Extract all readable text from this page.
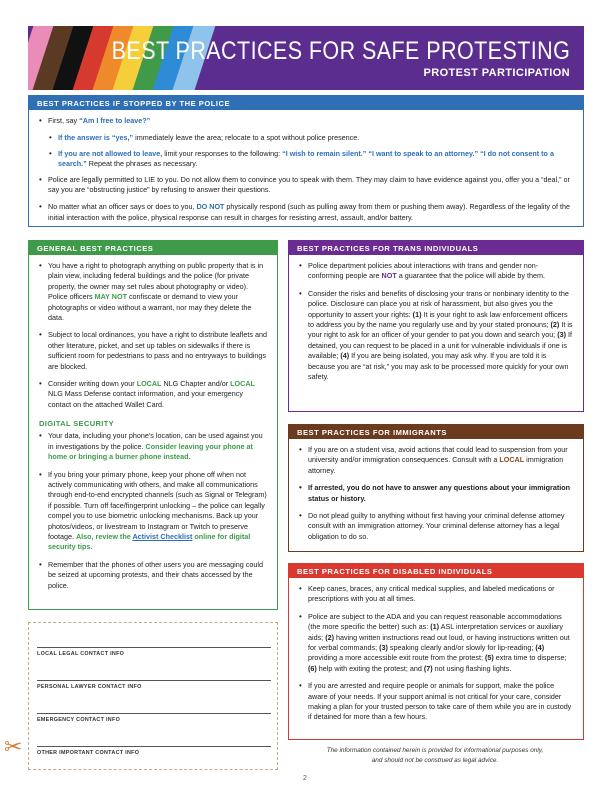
BEST PRACTICES FOR SAFE PROTESTING
PROTEST PARTICIPATION
BEST PRACTICES IF STOPPED BY THE POLICE
• First, say “Am I free to leave?”
• If the answer is “yes,” immediately leave the area; relocate to a spot without police presence.
• If you are not allowed to leave, limit your responses to the following: “I wish to remain silent.” “I want to speak to an attorney.” “I do not consent to a search.” Repeat the phrases as necessary.
• Police are legally permitted to LIE to you. Do not allow them to convince you to speak with them. They may claim to have evidence against you, offer you a “deal,” or say you are “obstructing justice” by refusing to answer their questions.
• No matter what an officer says or does to you, DO NOT physically respond (such as pulling away from them or pushing them away). Regardless of the legality of the initial interaction with the police, physical response can result in charges for resisting arrest, assault, and/or battery.
GENERAL BEST PRACTICES
• You have a right to photograph anything on public property that is in plain view, including federal buildings and the police (for private property, the owner may set rules about photography or video). Police officers MAY NOT confiscate or demand to view your photographs or video without a warrant, nor may they delete the data.
• Subject to local ordinances, you have a right to distribute leaflets and other literature, picket, and set up tables on sidewalks if there is sufficient room for pedestrians to pass and no entryways to buildings are blocked.
• Consider writing down your LOCAL NLG Chapter and/or LOCAL NLG Mass Defense contact information, and your emergency contact on the attached Wallet Card.
DIGITAL SECURITY
• Your data, including your phone’s location, can be used against you in investigations by the police. Consider leaving your phone at home or bringing a burner phone instead.
• If you bring your primary phone, keep your phone off when not actively communicating with others, and make all communications through end-to-end encrypted channels (such as Signal or Telegram) if possible. Turn off face/fingerprint unlocking – the police can legally compel you to use biometric unlocking mechanisms. Back up your photos/videos, or livestream to Instagram or Twitch to preserve footage. Also, review the Activist Checklist online for digital security tips.
• Remember that the phones of other users you are messaging could be seized at upcoming protests, and their chats accessed by the police.
BEST PRACTICES FOR TRANS INDIVIDUALS
• Police department policies about interactions with trans and gender non-conforming people are NOT a guarantee that the police will abide by them.
• Consider the risks and benefits of disclosing your trans or nonbinary identity to the police. Disclosure can place you at risk of harassment, but also gives you the opportunity to assert your rights: (1) It is your right to ask law enforcement officers to address you by the name you regularly use and by your stated pronouns; (2) It is your right to ask for an officer of your gender to pat you down and search you; (3) If detained, you can request to be placed in a unit for vulnerable individuals if one is available; (4) If you are being isolated, you may ask why. If you are told it is because you are “at risk,” you may ask to be processed more quickly for your own safety.
BEST PRACTICES FOR IMMIGRANTS
• If you are on a student visa, avoid actions that could lead to suspension from your university and/or immigration consequences. Consult with a LOCAL immigration attorney.
• If arrested, you do not have to answer any questions about your immigration status or history.
• Do not plead guilty to anything without first having your criminal defense attorney consult with an immigration attorney. Your criminal defense attorney has a legal obligation to do so.
BEST PRACTICES FOR DISABLED INDIVIDUALS
• Keep canes, braces, any critical medical supplies, and labeled medications or prescriptions with you at all times.
• Police are subject to the ADA and you can request reasonable accommodations (the more specific the better) such as: (1) ASL interpretation services or auxiliary aids; (2) having written instructions read out loud, or having instructions written out for verbal commands; (3) speaking clearly and/or slowly for lip-reading; (4) providing a more accessible exit route from the protest; (5) extra time to disperse; (6) help with exiting the protest; and (7) not using flashing lights.
• If you are arrested and require people or animals for support, make the police aware of your needs. If your support animal is not critical for your care, consider making a plan for your trusted person to take care of them while you are in custody if detained for more than a few hours.
LOCAL LEGAL CONTACT INFO
PERSONAL LAWYER CONTACT INFO
EMERGENCY CONTACT INFO
OTHER IMPORTANT CONTACT INFO
✂	The information contained herein is provided for informational purposes only,
and should not be construed as legal advice.
2
